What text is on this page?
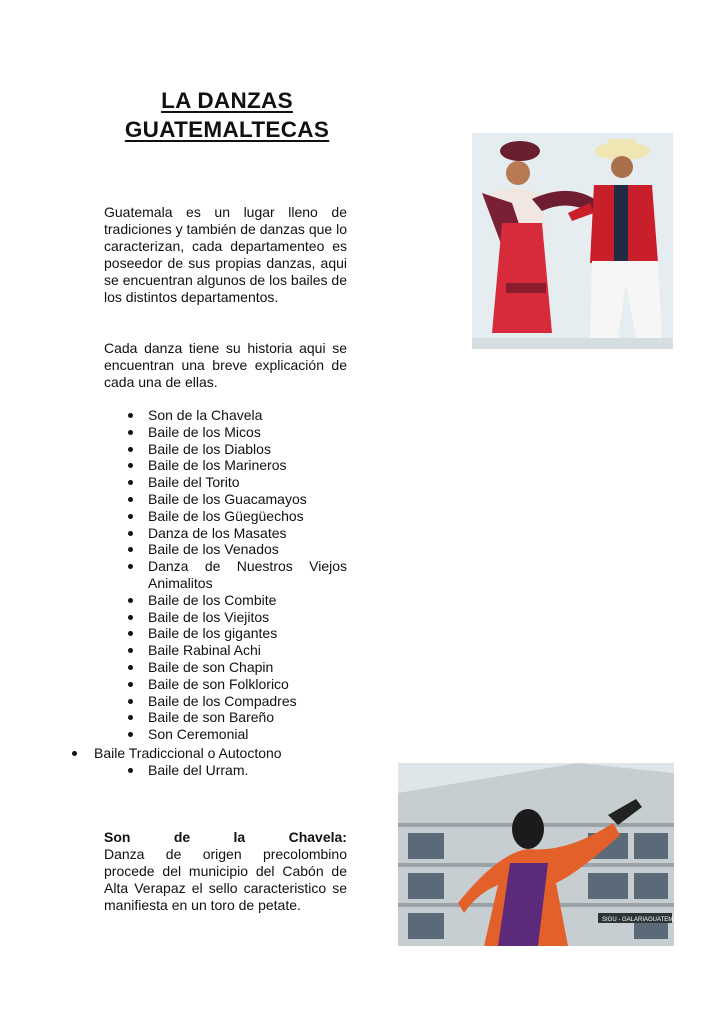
LA DANZAS
GUATEMALTECAS

Guatemala es un lugar lleno de tradiciones y también de danzas que lo caracterizan, cada departamenteo es poseedor de sus propias danzas, aqui se encuentran algunos de los bailes de los distintos departamentos.

Cada danza tiene su historia aqui se encuentran una breve explicación de cada una de ellas.

Son de la Chavela
Baile de los Micos
Baile de los Diablos
Baile de los Marineros
Baile del Torito
Baile de los Guacamayos
Baile de los Güegüechos
Danza de los Masates
Baile de los Venados
Danza de Nuestros Viejos Animalitos
Baile de los Combite
Baile de los Viejitos
Baile de los gigantes
Baile Rabinal Achi
Baile de son Chapin
Baile de son Folklorico
Baile de los Compadres
Baile de son Bareño
Son Ceremonial
Baile Tradiccional o Autoctono
Baile del Urram.
Son	de	la	Chavela:
Danza de origen precolombino procede del municipio del Cabón de Alta Verapaz el sello caracteristico se manifiesta en un toro de petate.
SIGU - GALARIAGUATEMALA.COM
